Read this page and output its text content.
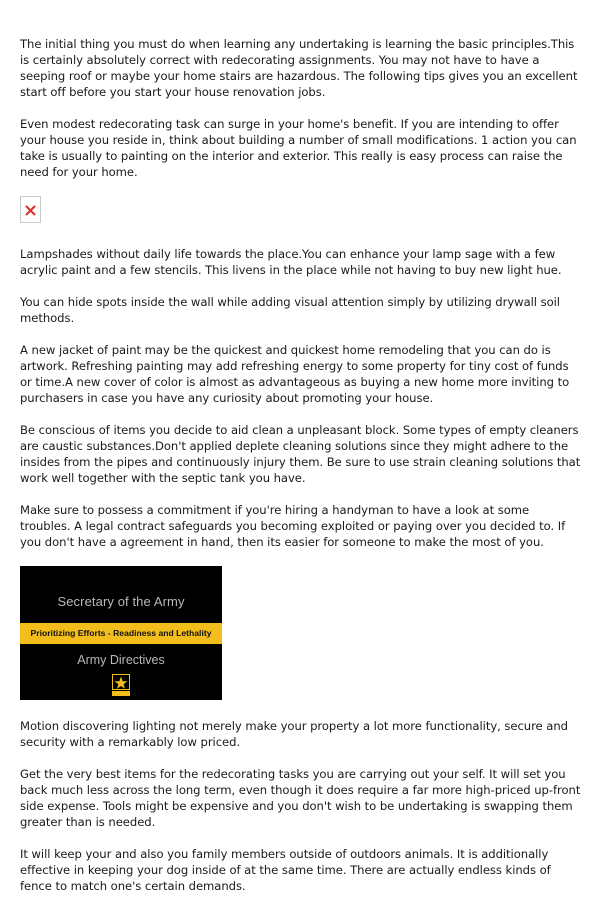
The initial thing you must do when learning any undertaking is learning the basic principles.This is certainly absolutely correct with redecorating assignments. You may not have to have a seeping roof or maybe your home stairs are hazardous. The following tips gives you an excellent start off before you start your house renovation jobs.

Even modest redecorating task can surge in your home's benefit. If you are intending to offer your house you reside in, think about building a number of small modifications. 1 action you can take is usually to painting on the interior and exterior. This really is easy process can raise the need for your home.

Lampshades without daily life towards the place.You can enhance your lamp sage with a few acrylic paint and a few stencils. This livens in the place while not having to buy new light hue.

You can hide spots inside the wall while adding visual attention simply by utilizing drywall soil methods.

A new jacket of paint may be the quickest and quickest home remodeling that you can do is artwork. Refreshing painting may add refreshing energy to some property for tiny cost of funds or time.A new cover of color is almost as advantageous as buying a new home more inviting to purchasers in case you have any curiosity about promoting your house.

Be conscious of items you decide to aid clean a unpleasant block. Some types of empty cleaners are caustic substances.Don't applied deplete cleaning solutions since they might adhere to the insides from the pipes and continuously injury them. Be sure to use strain cleaning solutions that work well together with the septic tank you have.

Make sure to possess a commitment if you're hiring a handyman to have a look at some troubles. A legal contract safeguards you becoming exploited or paying over you decided to. If you don't have a agreement in hand, then its easier for someone to make the most of you.

Secretary of the Army
Prioritizing Efforts - Readiness and Lethality
Army Directives

Motion discovering lighting not merely make your property a lot more functionality, secure and security with a remarkably low priced.

Get the very best items for the redecorating tasks you are carrying out your self. It will set you back much less across the long term, even though it does require a far more high-priced up-front side expense. Tools might be expensive and you don't wish to be undertaking is swapping them greater than is needed.

It will keep your and also you family members outside of outdoors animals. It is additionally effective in keeping your dog inside of at the same time. There are actually endless kinds of fence to match one's certain demands.
